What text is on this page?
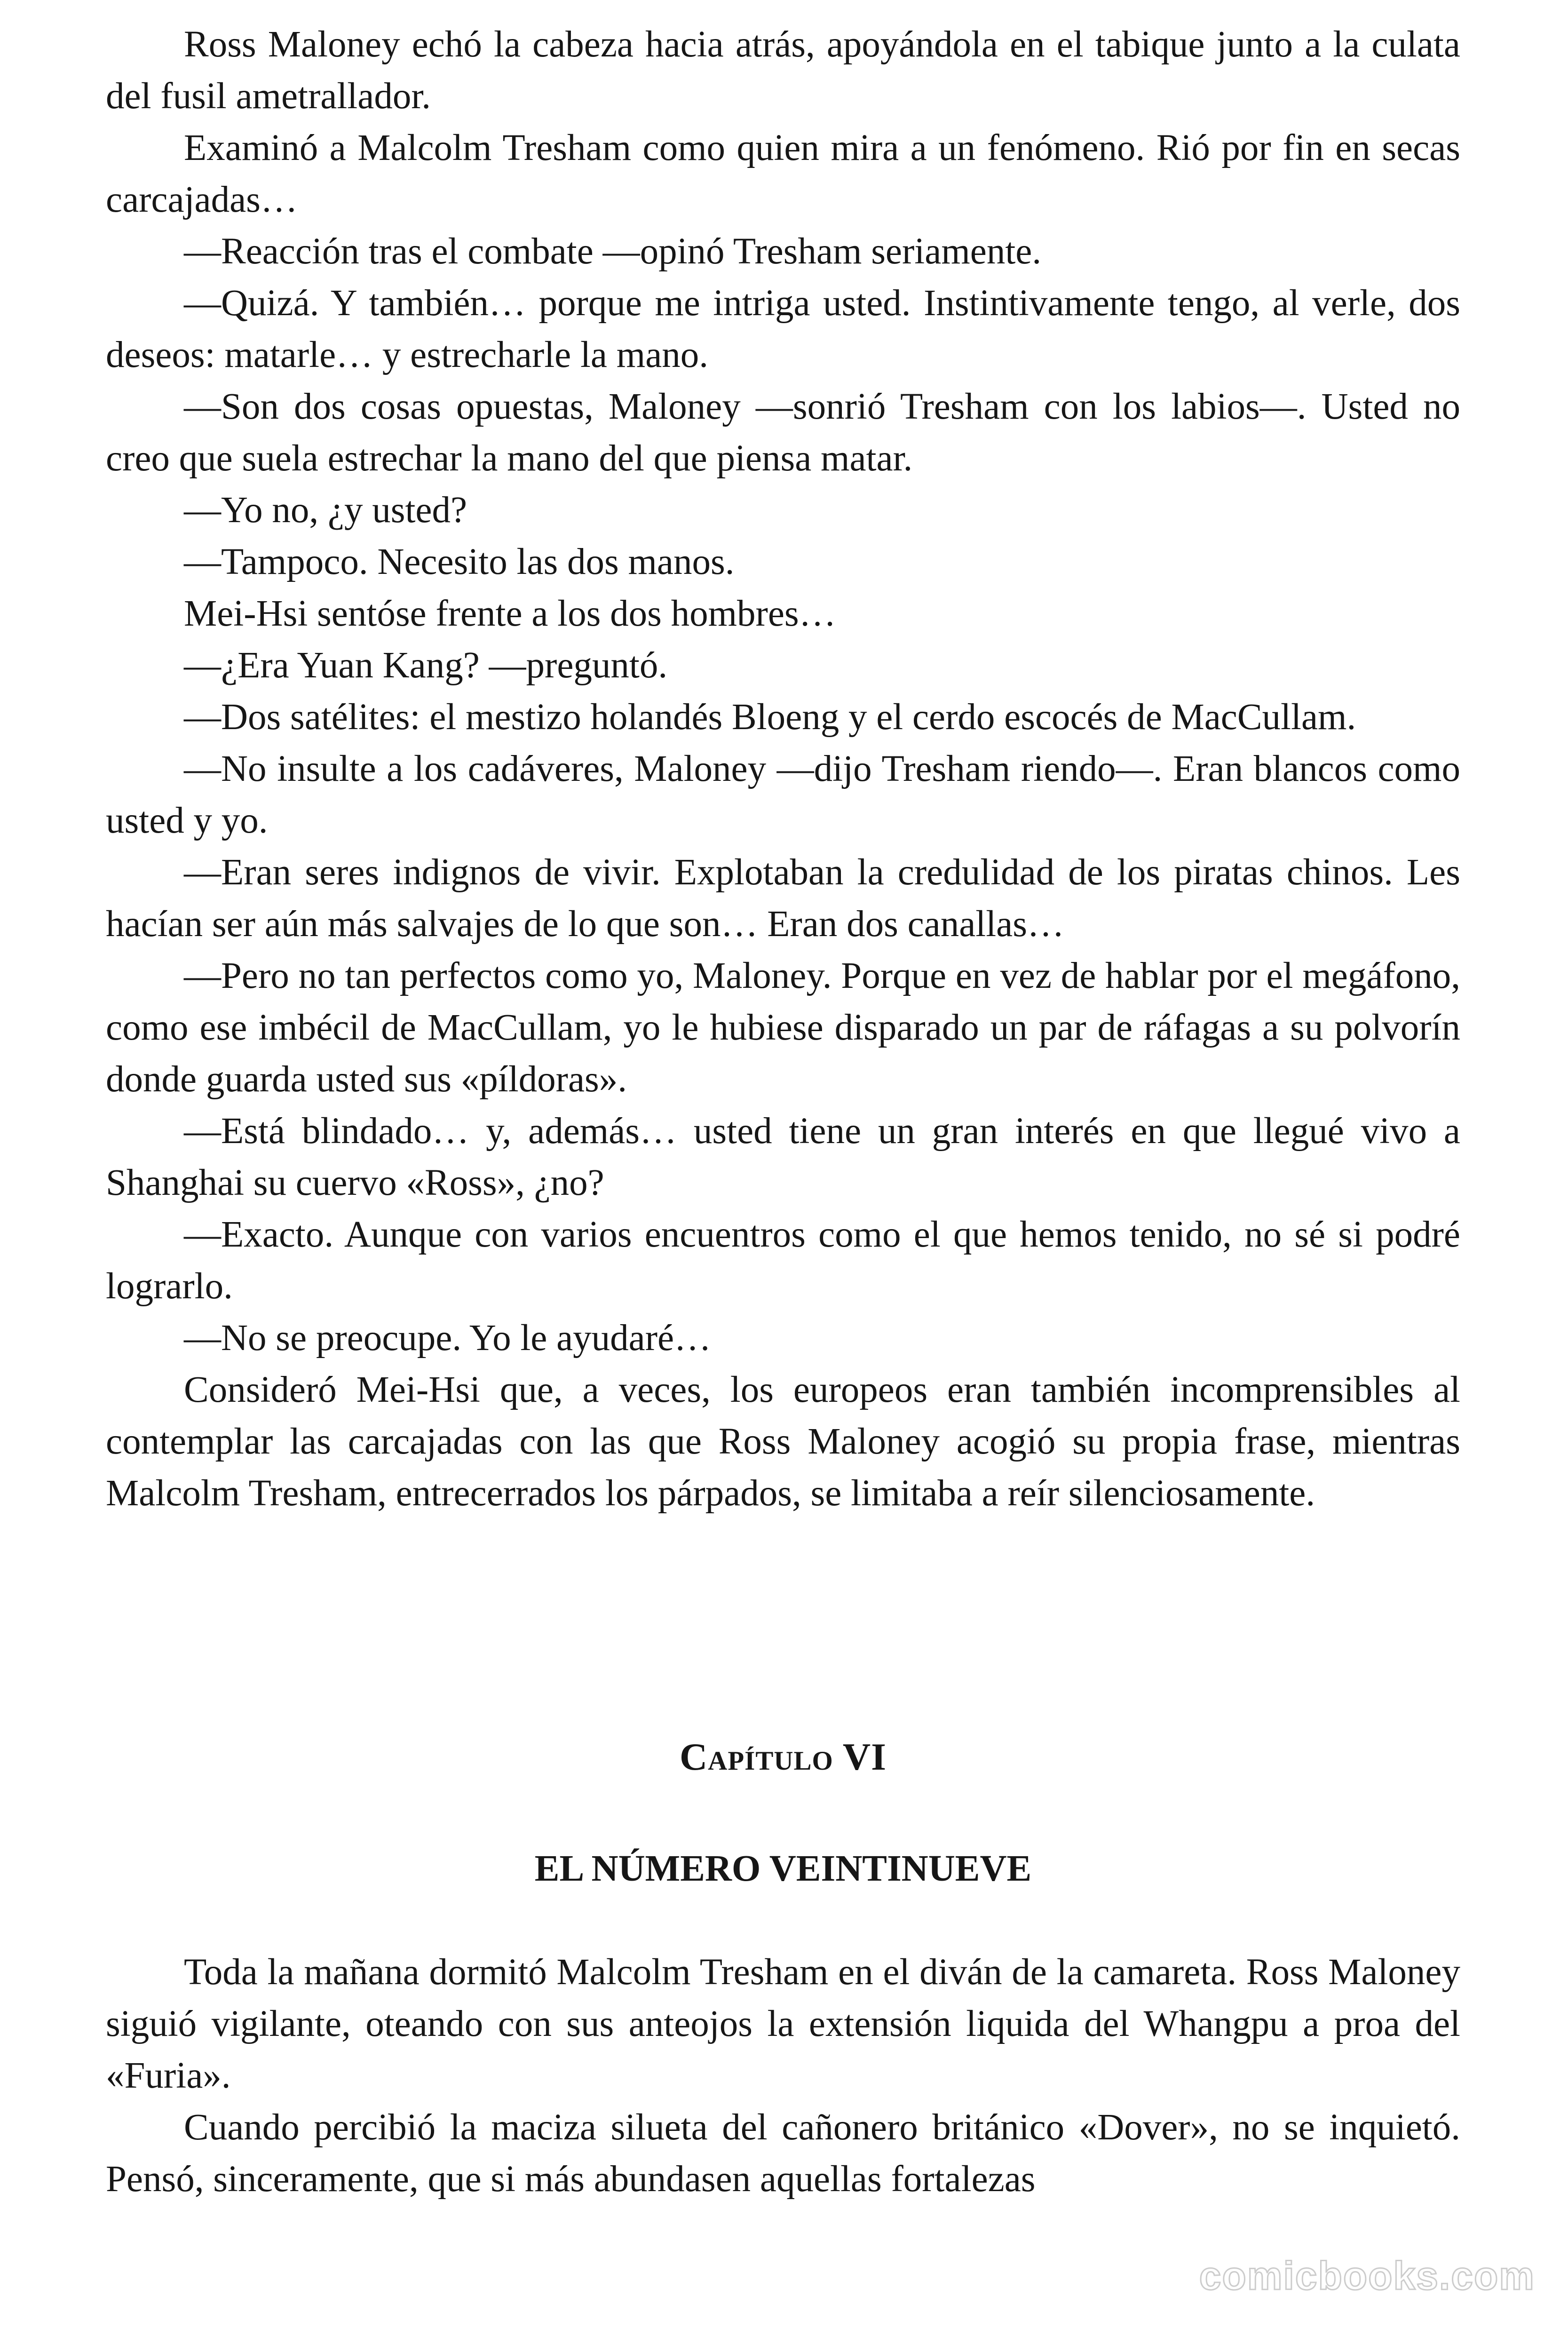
Ross Maloney echó la cabeza hacia atrás, apoyándola en el tabique junto a la culata del fusil ametrallador.

Examinó a Malcolm Tresham como quien mira a un fenómeno. Rió por fin en secas carcajadas…

—Reacción tras el combate —opinó Tresham seriamente.

—Quizá. Y también… porque me intriga usted. Instintivamente tengo, al verle, dos deseos: matarle… y estrecharle la mano.

—Son dos cosas opuestas, Maloney —sonrió Tresham con los labios—. Usted no creo que suela estrechar la mano del que piensa matar.

—Yo no, ¿y usted?

—Tampoco. Necesito las dos manos.

Mei-Hsi sentóse frente a los dos hombres…

—¿Era Yuan Kang? —preguntó.

—Dos satélites: el mestizo holandés Bloeng y el cerdo escocés de MacCullam.

—No insulte a los cadáveres, Maloney —dijo Tresham riendo—. Eran blancos como usted y yo.

—Eran seres indignos de vivir. Explotaban la credulidad de los piratas chinos. Les hacían ser aún más salvajes de lo que son… Eran dos canallas…

—Pero no tan perfectos como yo, Maloney. Porque en vez de hablar por el megáfono, como ese imbécil de MacCullam, yo le hubiese disparado un par de ráfagas a su polvorín donde guarda usted sus «píldoras».

—Está blindado… y, además… usted tiene un gran interés en que llegué vivo a Shanghai su cuervo «Ross», ¿no?

—Exacto. Aunque con varios encuentros como el que hemos tenido, no sé si podré lograrlo.

—No se preocupe. Yo le ayudaré…

Consideró Mei-Hsi que, a veces, los europeos eran también incomprensibles al contemplar las carcajadas con las que Ross Maloney acogió su propia frase, mientras Malcolm Tresham, entrecerrados los párpados, se limitaba a reír silenciosamente.

Capítulo VI
EL NÚMERO VEINTINUEVE

Toda la mañana dormitó Malcolm Tresham en el diván de la camareta. Ross Maloney siguió vigilante, oteando con sus anteojos la extensión liquida del Whangpu a proa del «Furia».

Cuando percibió la maciza silueta del cañonero británico «Dover», no se inquietó. Pensó, sinceramente, que si más abundasen aquellas fortalezas

comicbooks.com
